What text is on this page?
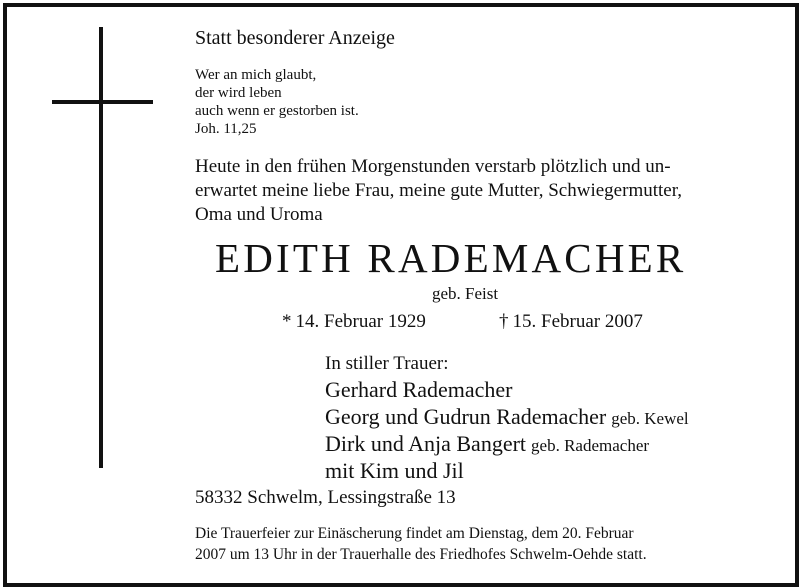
Statt besonderer Anzeige
Wer an mich glaubt,
der wird leben
auch wenn er gestorben ist.
Joh. 11,25
Heute in den frühen Morgenstunden verstarb plötzlich und un-
erwartet meine liebe Frau, meine gute Mutter, Schwiegermutter,
Oma und Uroma
EDITH RADEMACHER
geb. Feist
* 14. Februar 1929	† 15. Februar 2007
In stiller Trauer:
Gerhard Rademacher
Georg und Gudrun Rademacher geb. Kewel
Dirk und Anja Bangert geb. Rademacher
mit Kim und Jil
58332 Schwelm, Lessingstraße 13
Die Trauerfeier zur Einäscherung findet am Dienstag, dem 20. Februar
2007 um 13 Uhr in der Trauerhalle des Friedhofes Schwelm-Oehde statt.
